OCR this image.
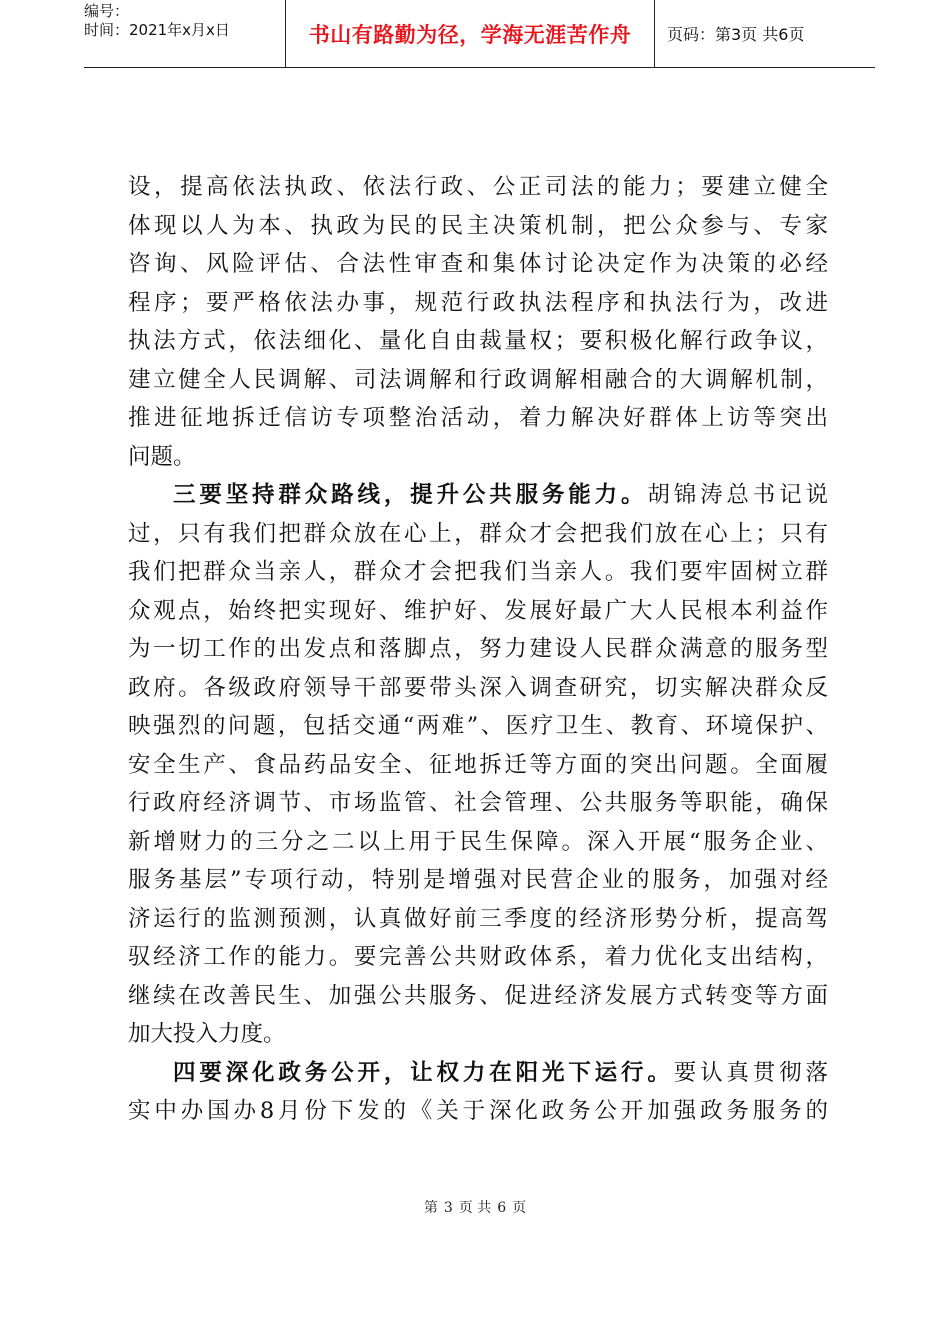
编号：
时间：2021年x月x日	书山有路勤为径，学海无涯苦作舟 页码：第3页 共6页
设，提高依法执政、依法行政、公正司法的能力；要建立健全
体现以人为本、执政为民的民主决策机制，把公众参与、专家
咨询、风险评估、合法性审查和集体讨论决定作为决策的必经
程序；要严格依法办事，规范行政执法程序和执法行为，改进
执法方式，依法细化、量化自由裁量权；要积极化解行政争议，
建立健全人民调解、司法调解和行政调解相融合的大调解机制，
推进征地拆迁信访专项整治活动，着力解决好群体上访等突出
问题。
三要坚持群众路线，提升公共服务能力。胡锦涛总书记说
过，只有我们把群众放在心上，群众才会把我们放在心上；只有
我们把群众当亲人，群众才会把我们当亲人。我们要牢固树立群
众观点，始终把实现好、维护好、发展好最广大人民根本利益作
为一切工作的出发点和落脚点，努力建设人民群众满意的服务型
政府。各级政府领导干部要带头深入调查研究，切实解决群众反
映强烈的问题，包括交通“两难”、医疗卫生、教育、环境保护、
安全生产、食品药品安全、征地拆迁等方面的突出问题。全面履
行政府经济调节、市场监管、社会管理、公共服务等职能，确保
新增财力的三分之二以上用于民生保障。深入开展“服务企业、
服务基层”专项行动，特别是增强对民营企业的服务，加强对经
济运行的监测预测，认真做好前三季度的经济形势分析，提高驾
驭经济工作的能力。要完善公共财政体系，着力优化支出结构，
继续在改善民生、加强公共服务、促进经济发展方式转变等方面
加大投入力度。
四要深化政务公开，让权力在阳光下运行。要认真贯彻落
实中办国办8月份下发的《关于深化政务公开加强政务服务的
第 3 页 共 6 页
